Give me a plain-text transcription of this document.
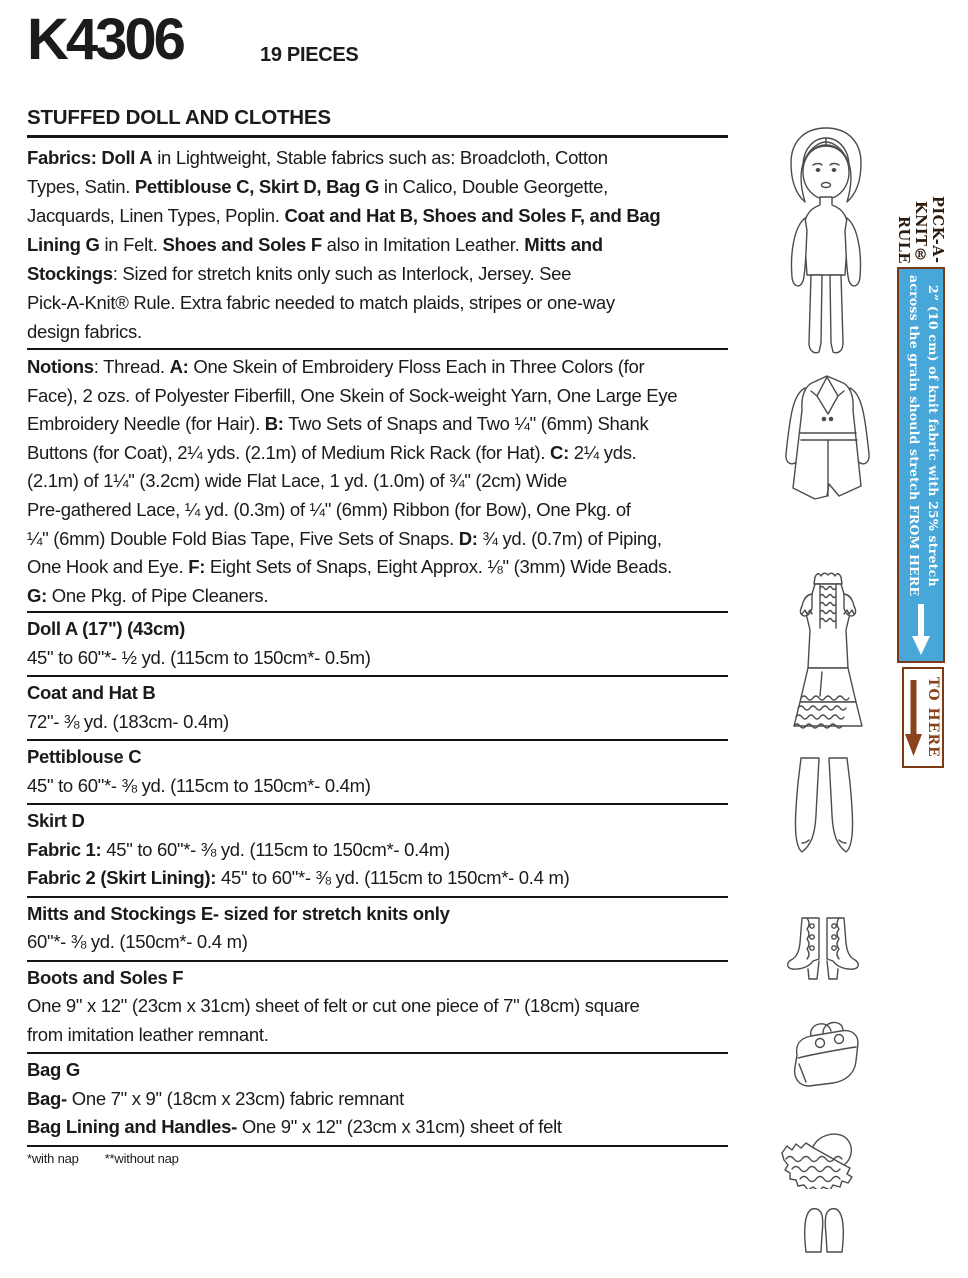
K4306	19 PIECES
STUFFED DOLL AND CLOTHES
Fabrics: Doll A in Lightweight, Stable fabrics such as: Broadcloth, Cotton
Types, Satin. Pettiblouse C, Skirt D, Bag G in Calico, Double Georgette,
Jacquards, Linen Types, Poplin. Coat and Hat B, Shoes and Soles F, and Bag
Lining G in Felt. Shoes and Soles F also in Imitation Leather. Mitts and
Stockings: Sized for stretch knits only such as Interlock, Jersey. See
Pick-A-Knit® Rule. Extra fabric needed to match plaids, stripes or one-way
design fabrics.
Notions: Thread. A: One Skein of Embroidery Floss Each in Three Colors (for
Face), 2 ozs. of Polyester Fiberfill, One Skein of Sock-weight Yarn, One Large Eye
Embroidery Needle (for Hair). B: Two Sets of Snaps and Two ¼" (6mm) Shank
Buttons (for Coat), 2¼ yds. (2.1m) of Medium Rick Rack (for Hat). C: 2¼ yds.
(2.1m) of 1¼" (3.2cm) wide Flat Lace, 1 yd. (1.0m) of ¾" (2cm) Wide
Pre-gathered Lace, ¼ yd. (0.3m) of ¼" (6mm) Ribbon (for Bow), One Pkg. of
¼" (6mm) Double Fold Bias Tape, Five Sets of Snaps. D: ¾ yd. (0.7m) of Piping,
One Hook and Eye. F: Eight Sets of Snaps, Eight Approx. ⅛" (3mm) Wide Beads.
G: One Pkg. of Pipe Cleaners.
Doll A (17") (43cm)
45" to 60"*- ½ yd. (115cm to 150cm*- 0.5m)
Coat and Hat B
72"- ⅜ yd. (183cm- 0.4m)
Pettiblouse C
45" to 60"*- ⅜ yd. (115cm to 150cm*- 0.4m)
Skirt D
Fabric 1: 45" to 60"*- ⅜ yd. (115cm to 150cm*- 0.4m)
Fabric 2 (Skirt Lining): 45" to 60"*- ⅜ yd. (115cm to 150cm*- 0.4 m)
Mitts and Stockings E- sized for stretch knits only
60"*- ⅜ yd. (150cm*- 0.4 m)
Boots and Soles F
One 9" x 12" (23cm x 31cm) sheet of felt or cut one piece of 7" (18cm) square
from imitation leather remnant.
Bag G
Bag- One 7" x 9" (18cm x 23cm) fabric remnant
Bag Lining and Handles- One 9" x 12" (23cm x 31cm) sheet of felt
*with nap **without nap
PICK-A-KNIT®
RULE
2” (10 cm) of knit fabric with 25% stretch
across the grain should stretch FROM HERE
TO HERE
